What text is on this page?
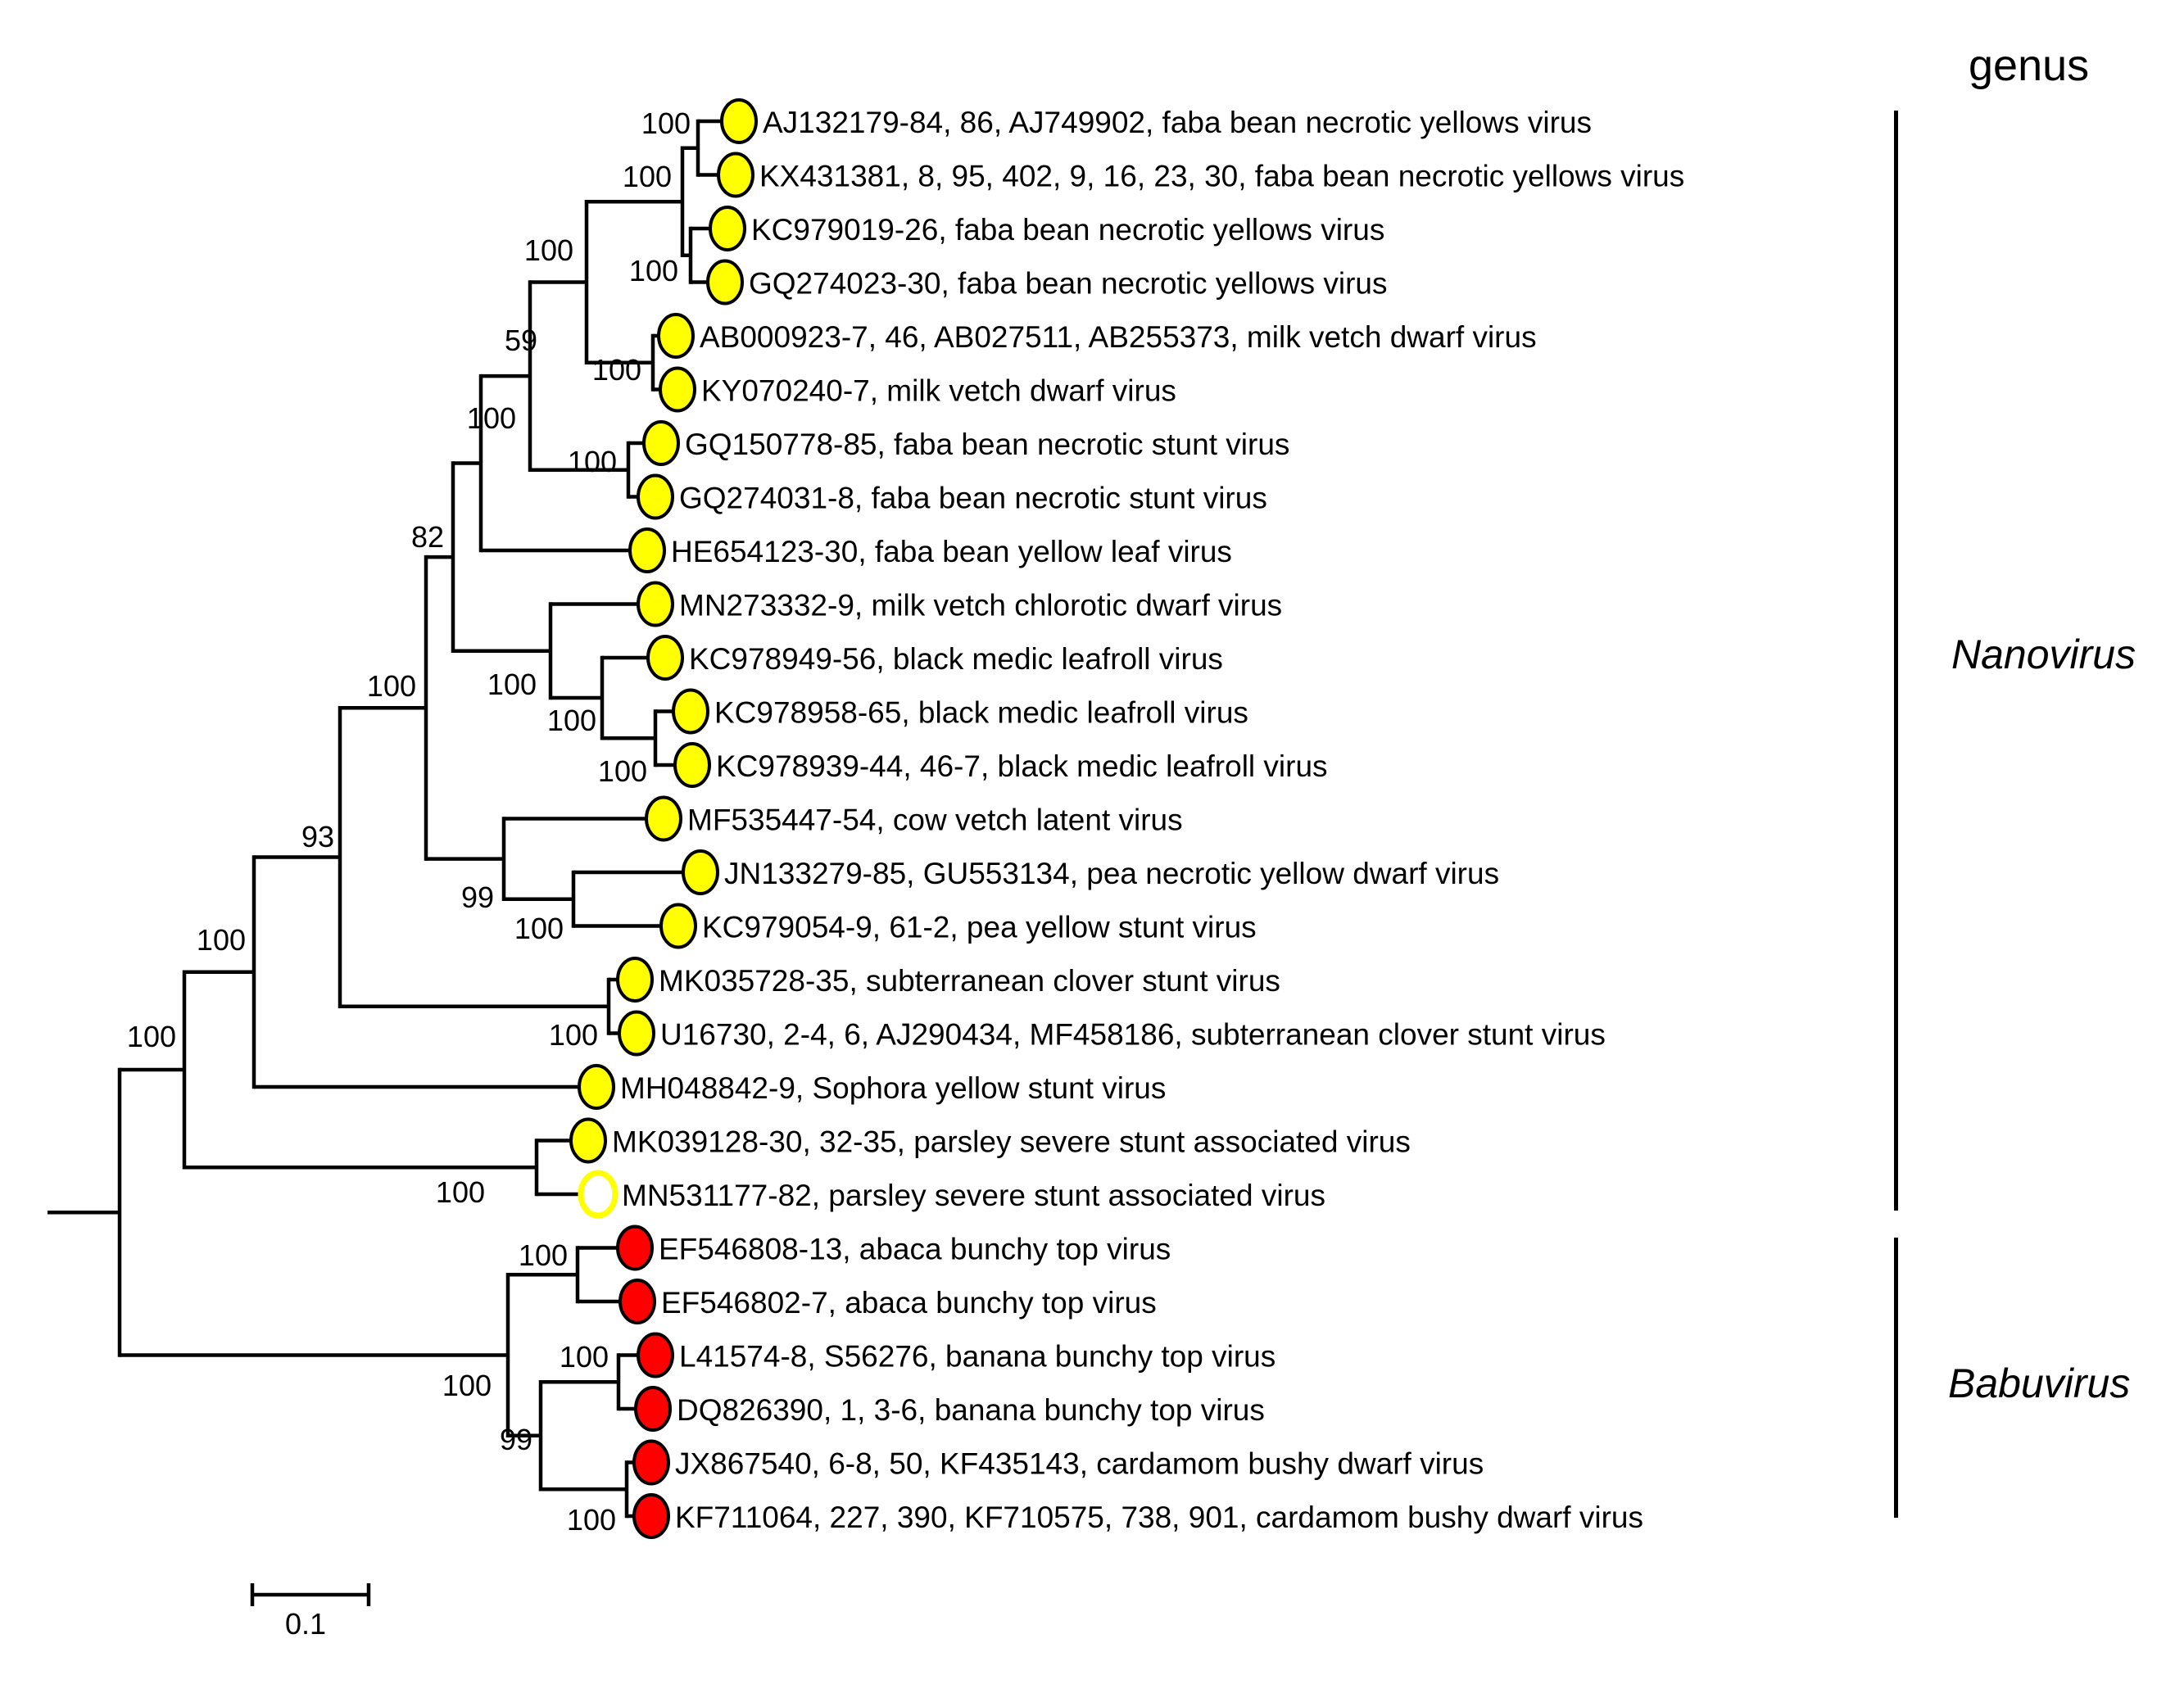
100
100
100
100
100
59
100
100
82
100
100
100
100
99
100
93
100
100
100
100
100
100
100
99
100
AJ132179-84, 86, AJ749902, faba bean necrotic yellows virus
KX431381, 8, 95, 402, 9, 16, 23, 30, faba bean necrotic yellows virus
KC979019-26, faba bean necrotic yellows virus
GQ274023-30, faba bean necrotic yellows virus
AB000923-7, 46, AB027511, AB255373, milk vetch dwarf virus
KY070240-7, milk vetch dwarf virus
GQ150778-85, faba bean necrotic stunt virus
GQ274031-8, faba bean necrotic stunt virus
HE654123-30, faba bean yellow leaf virus
MN273332-9, milk vetch chlorotic dwarf virus
KC978949-56, black medic leafroll virus
KC978958-65, black medic leafroll virus
KC978939-44, 46-7, black medic leafroll virus
MF535447-54, cow vetch latent virus
JN133279-85, GU553134, pea necrotic yellow dwarf virus
KC979054-9, 61-2, pea yellow stunt virus
MK035728-35, subterranean clover stunt virus
U16730, 2-4, 6, AJ290434, MF458186, subterranean clover stunt virus
MH048842-9, Sophora yellow stunt virus
MK039128-30, 32-35, parsley severe stunt associated virus
MN531177-82, parsley severe stunt associated virus
EF546808-13, abaca bunchy top virus
EF546802-7, abaca bunchy top virus
L41574-8, S56276, banana bunchy top virus
DQ826390, 1, 3-6, banana bunchy top virus
JX867540, 6-8, 50, KF435143, cardamom bushy dwarf virus
KF711064, 227, 390, KF710575, 738, 901, cardamom bushy dwarf virus
genus
Nanovirus
Babuvirus
0.1
